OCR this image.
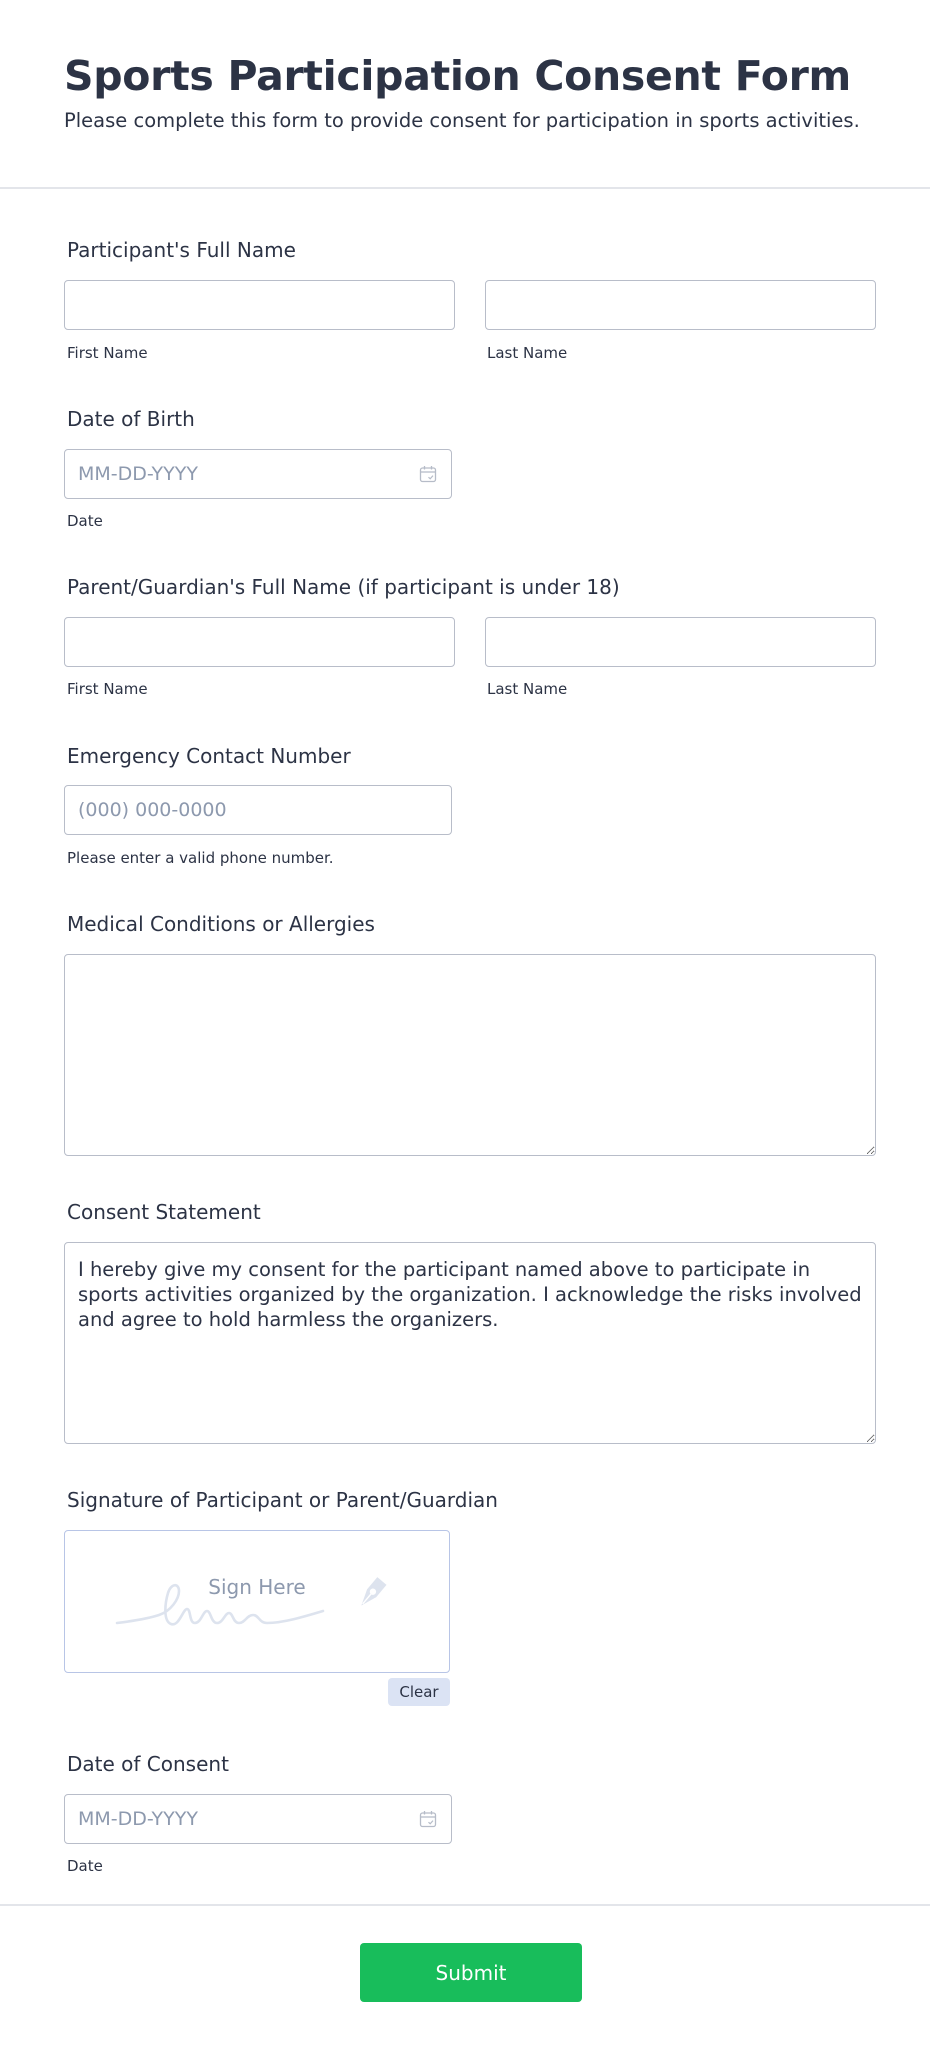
Sports Participation Consent Form

Please complete this form to provide consent for participation in sports activities.

Participant's Full Name
First Name	Last Name
Date of Birth
MM-DD-YYYY
Date
Parent/Guardian's Full Name (if participant is under 18)
First Name	Last Name
Emergency Contact Number
(000) 000-0000
Please enter a valid phone number.
Medical Conditions or Allergies
Consent Statement
I hereby give my consent for the participant named above to participate in sports activities organized by the organization. I acknowledge the risks involved and agree to hold harmless the organizers.
Signature of Participant or Parent/Guardian
Sign Here
Clear
Date of Consent
MM-DD-YYYY
Date
Submit
